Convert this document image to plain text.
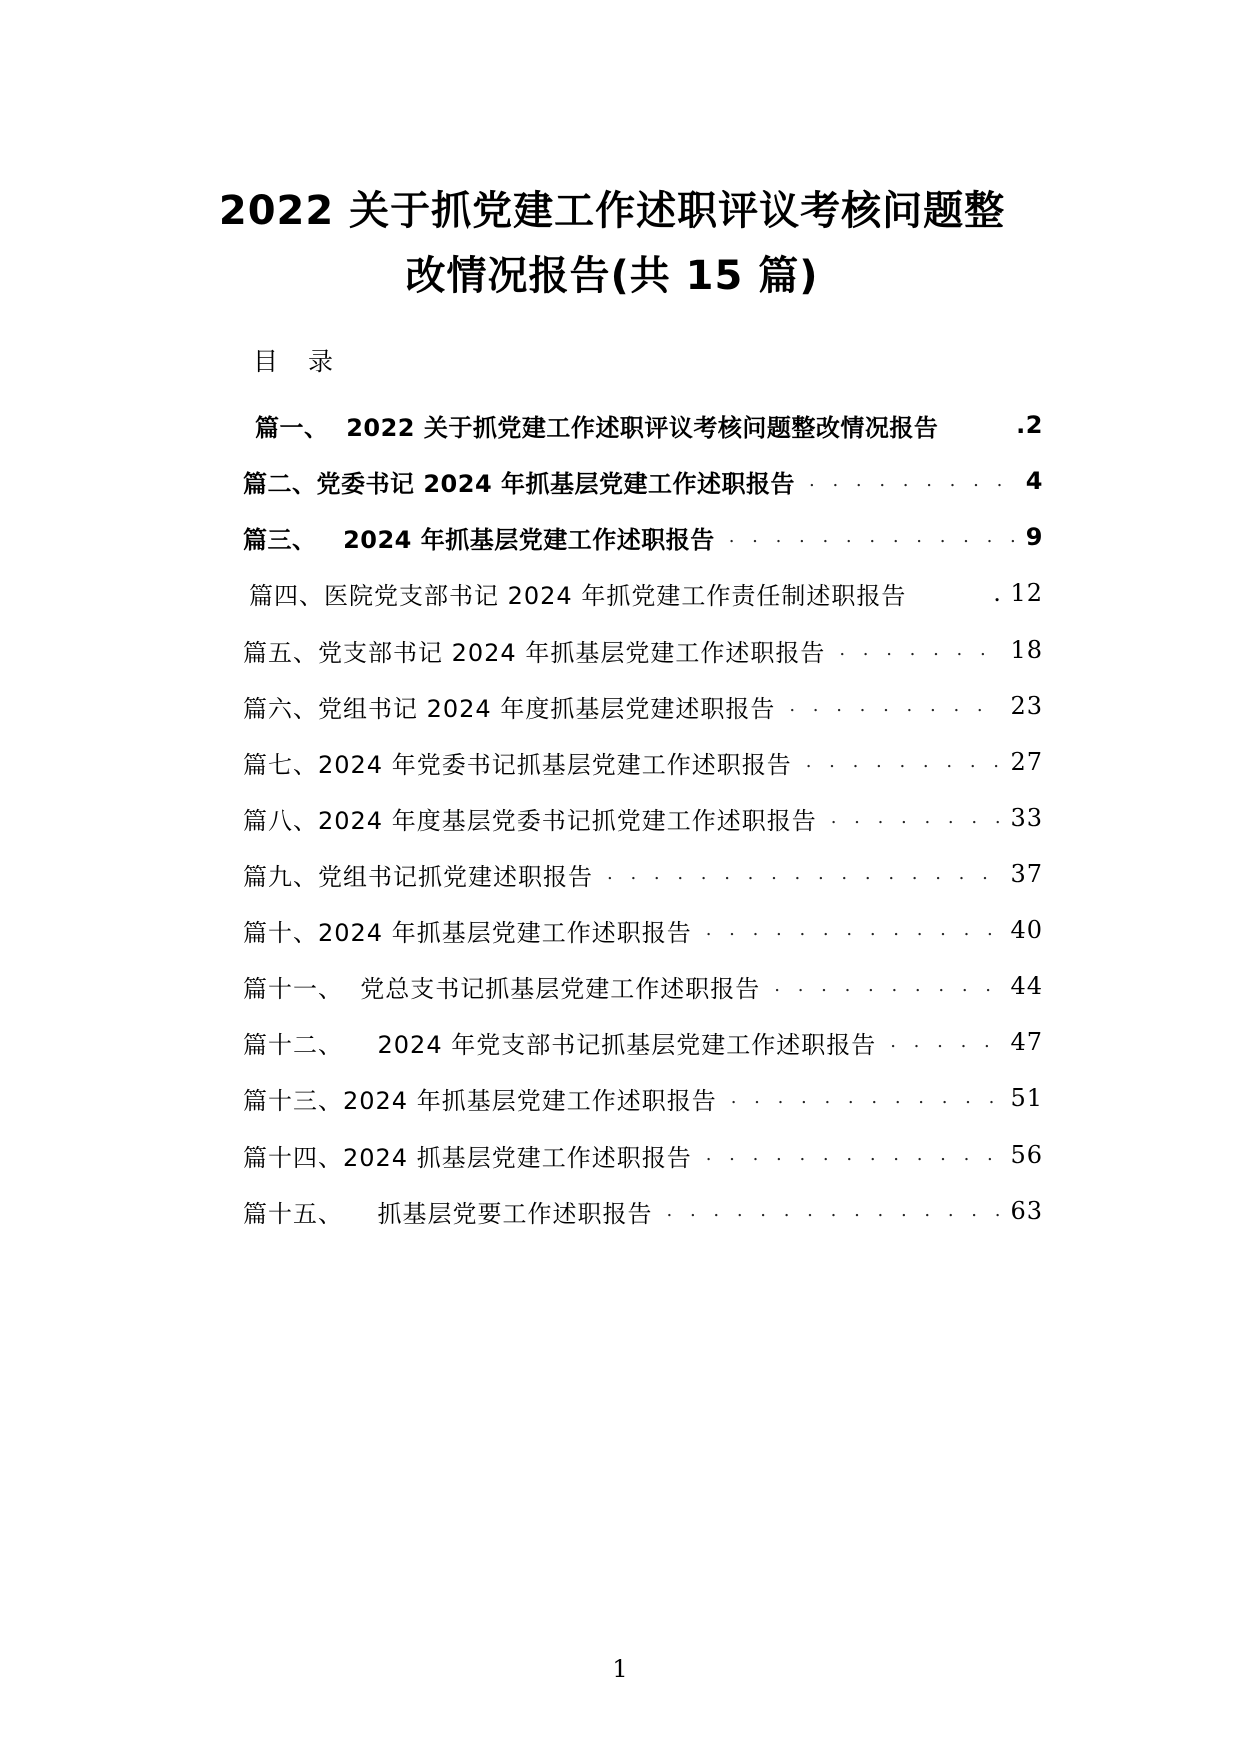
2022 关于抓党建工作述职评议考核问题整
改情况报告(共 15 篇)
目 录
篇一、  2022 关于抓党建工作述职评议考核问题整改情况报告	.2
篇二、党委书记 2024 年抓基层党建工作述职报告 . . .	4
篇三、   2024 年抓基层党建工作述职报告 . . .	9
篇四、医院党支部书记 2024 年抓党建工作责任制述职报告	. 12
篇五、党支部书记 2024 年抓基层党建工作述职报告 . . .	18
篇六、党组书记 2024 年度抓基层党建述职报告 . . .	23
篇七、2024 年党委书记抓基层党建工作述职报告 . . .	27
篇八、2024 年度基层党委书记抓党建工作述职报告 . . .	33
篇九、党组书记抓党建述职报告 . . .	37
篇十、2024 年抓基层党建工作述职报告 . . .	40
篇十一、  党总支书记抓基层党建工作述职报告 . . .	44
篇十二、    2024 年党支部书记抓基层党建工作述职报告 . . .	47
篇十三、2024 年抓基层党建工作述职报告 . . .	51
篇十四、2024 抓基层党建工作述职报告 . . .	56
篇十五、    抓基层党要工作述职报告 . . .	63
1
